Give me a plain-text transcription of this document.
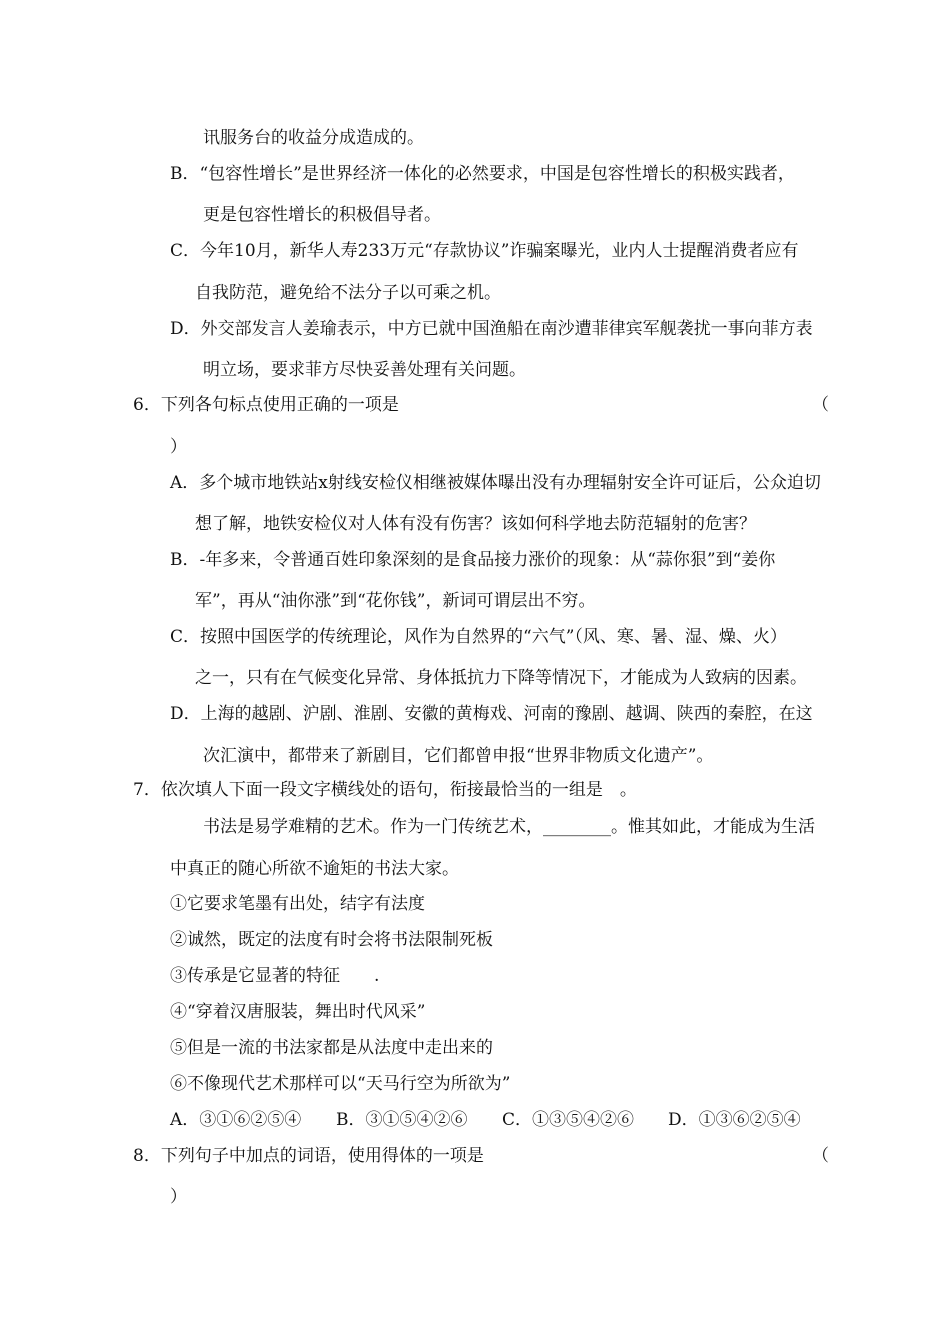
讯服务台的收益分成造成的。
B．“包容性增长”是世界经济一体化的必然要求，中国是包容性增长的积极实践者，
更是包容性增长的积极倡导者。
C．今年10月，新华人寿233万元“存款协议”诈骗案曝光，业内人士提醒消费者应有
自我防范，避免给不法分子以可乘之机。
D．外交部发言人姜瑜表示，中方已就中国渔船在南沙遭菲律宾军舰袭扰一事向菲方表
明立场，要求菲方尽快妥善处理有关问题。
6．下列各句标点使用正确的一项是	（
）
A．多个城市地铁站x射线安检仪相继被媒体曝出没有办理辐射安全许可证后，公众迫切
想了解，地铁安检仪对人体有没有伤害？该如何科学地去防范辐射的危害？
B．-年多来，令普通百姓印象深刻的是食品接力涨价的现象：从“蒜你狠”到“姜你
军”，再从“油你涨”到“花你钱”，新词可谓层出不穷。
C．按照中国医学的传统理论，风作为自然界的“六气”（风、寒、暑、湿、燥、火）
之一，只有在气候变化异常、身体抵抗力下降等情况下，才能成为人致病的因素。
D．上海的越剧、沪剧、淮剧、安徽的黄梅戏、河南的豫剧、越调、陕西的秦腔，在这
次汇演中，都带来了新剧目，它们都曾申报“世界非物质文化遗产”。
7．依次填人下面一段文字横线处的语句，衔接最恰当的一组是　。
书法是易学难精的艺术。作为一门传统艺术，________。惟其如此，才能成为生活
中真正的随心所欲不逾矩的书法大家。
①它要求笔墨有出处，结字有法度
②诚然，既定的法度有时会将书法限制死板
③传承是它显著的特征　　.
④“穿着汉唐服装，舞出时代风采”
⑤但是一流的书法家都是从法度中走出来的
⑥不像现代艺术那样可以“天马行空为所欲为”
A．③①⑥②⑤④ B．③①⑤④②⑥ C．①③⑤④②⑥ D．①③⑥②⑤④
8．下列句子中加点的词语，使用得体的一项是	（
）
